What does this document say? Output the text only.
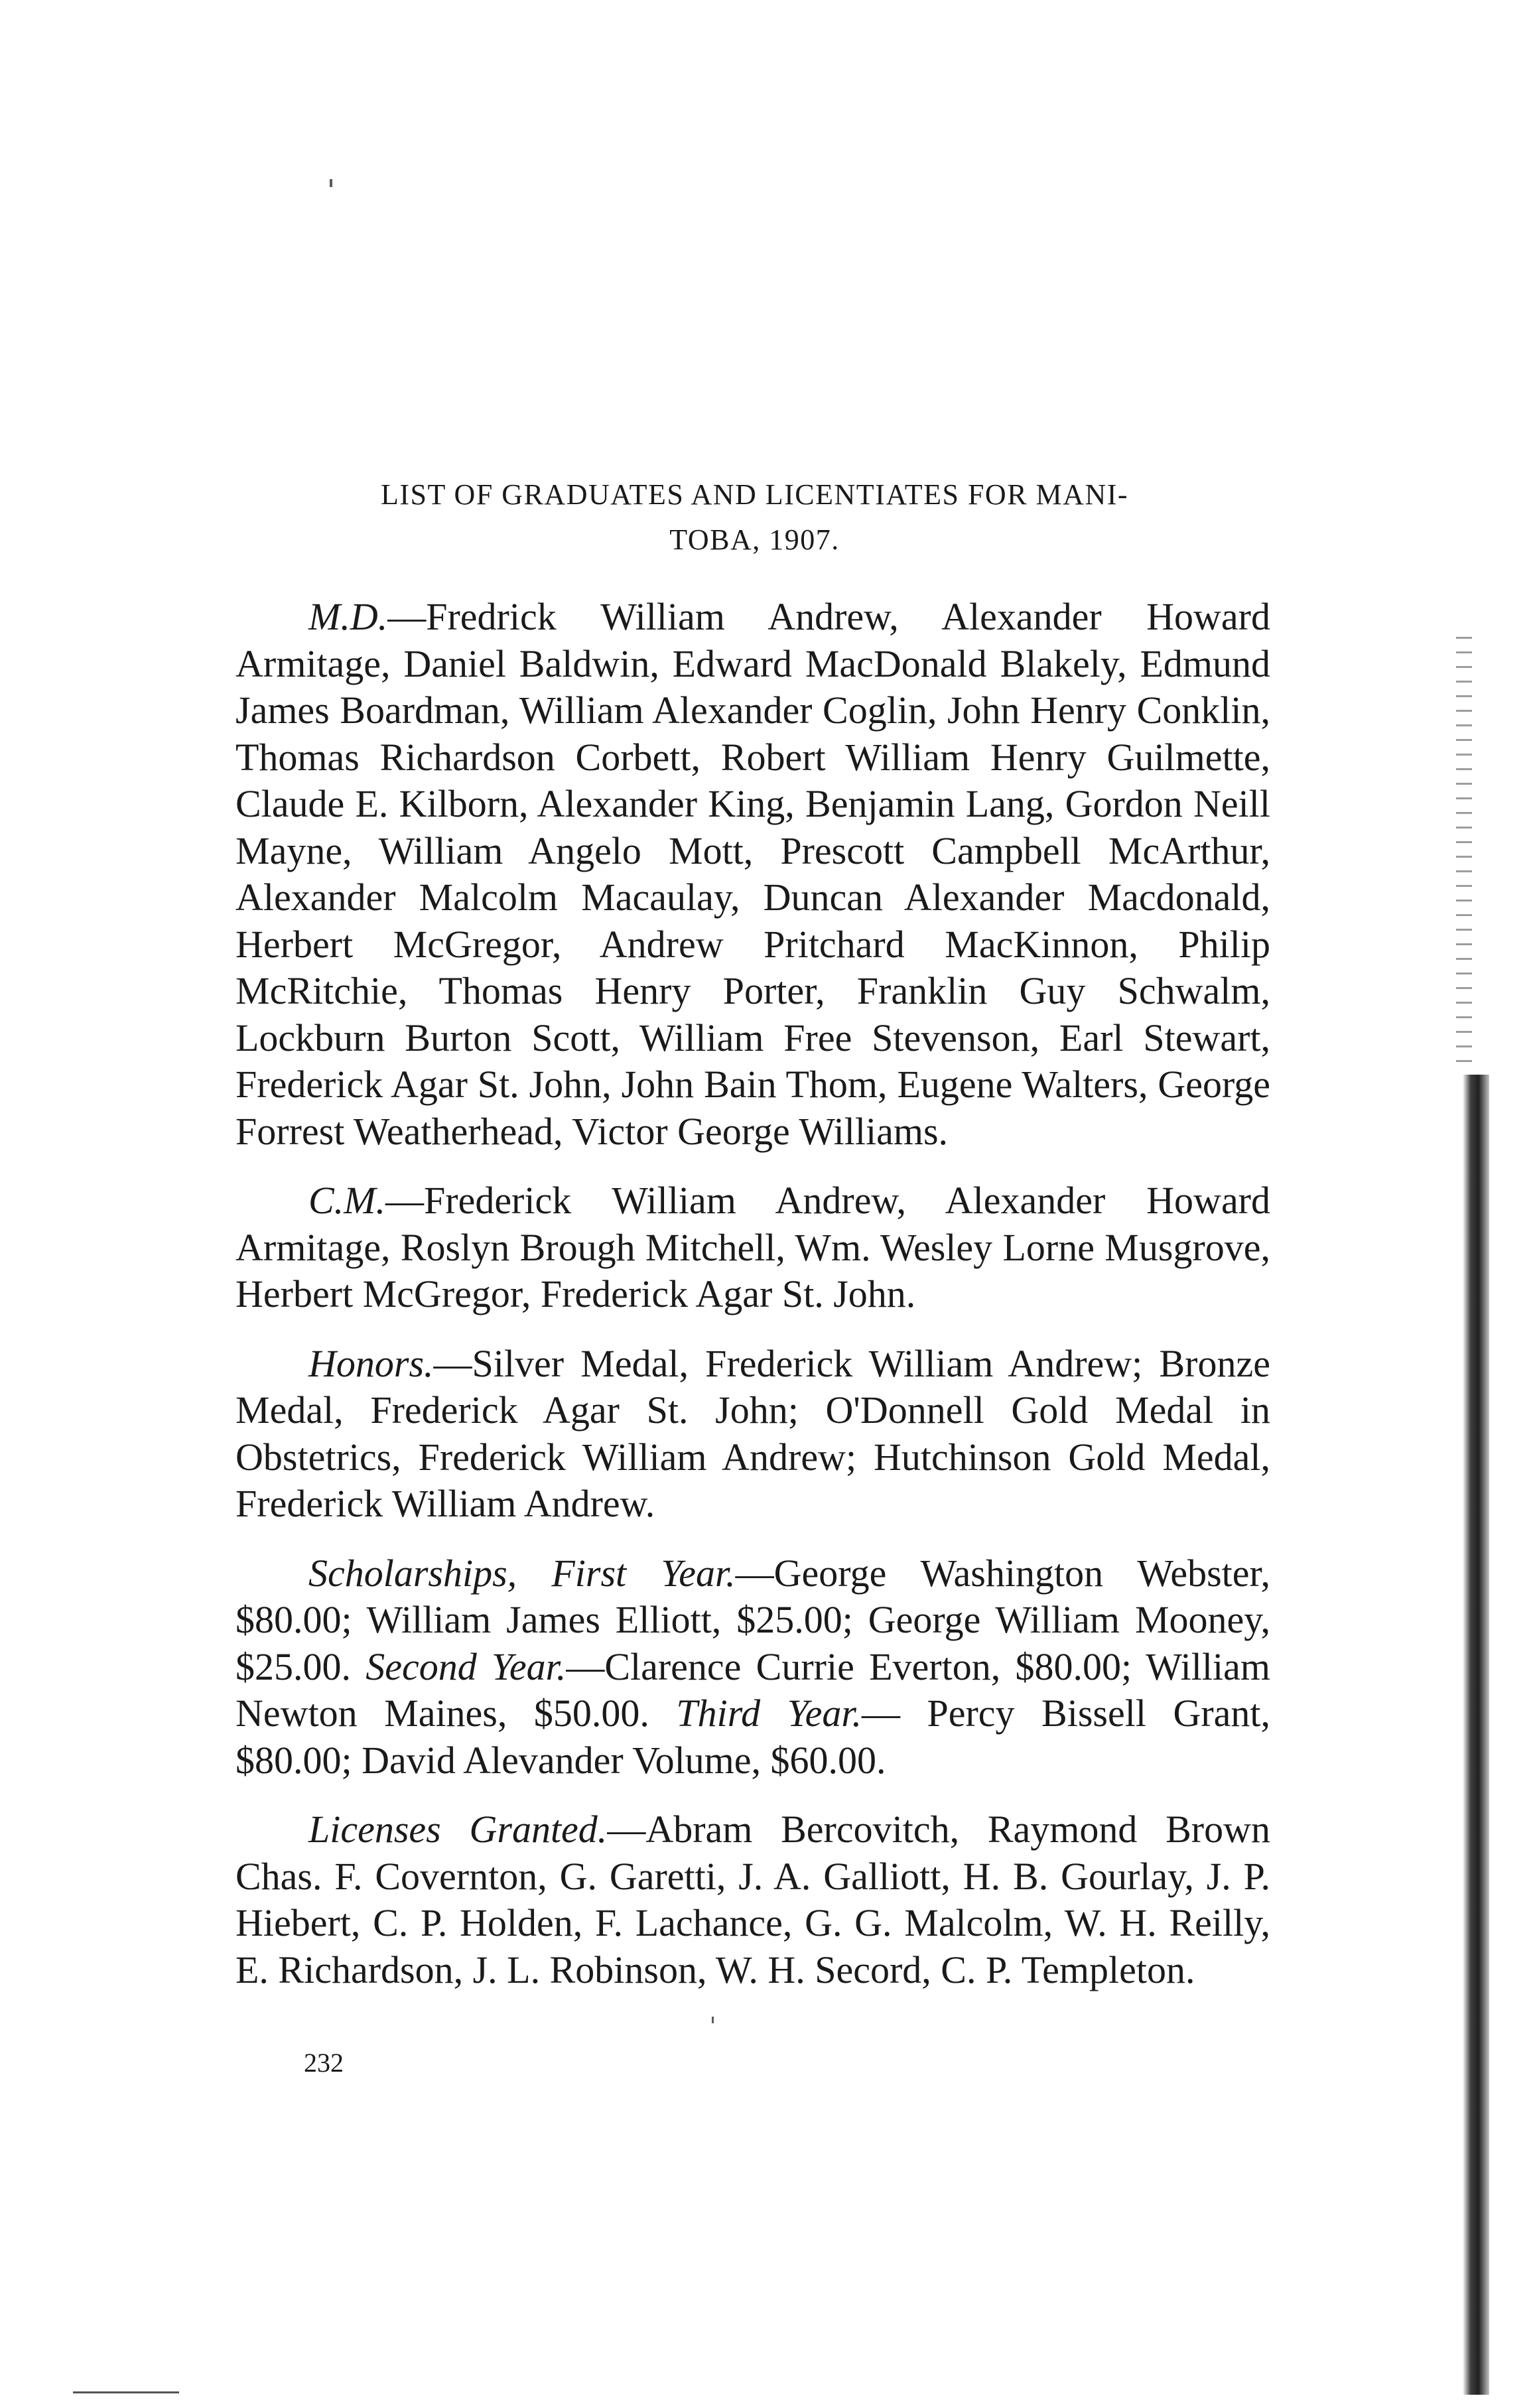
LIST OF GRADUATES AND LICENTIATES FOR MANI-
TOBA, 1907.

M.D.—Fredrick William Andrew, Alexander Howard Armitage, Daniel Baldwin, Edward MacDonald Blakely, Edmund James Boardman, William Alexander Coglin, John Henry Conklin, Thomas Richardson Corbett, Robert William Henry Guilmette, Claude E. Kilborn, Alexander King, Benjamin Lang, Gordon Neill Mayne, William Angelo Mott, Prescott Campbell McArthur, Alexander Malcolm Macaulay, Duncan Alexander Macdonald, Herbert McGregor, Andrew Pritchard MacKinnon, Philip McRitchie, Thomas Henry Porter, Franklin Guy Schwalm, Lockburn Burton Scott, William Free Stevenson, Earl Stewart, Frederick Agar St. John, John Bain Thom, Eugene Walters, George Forrest Weatherhead, Victor George Williams.

C.M.—Frederick William Andrew, Alexander Howard Armitage, Roslyn Brough Mitchell, Wm. Wesley Lorne Musgrove, Herbert McGregor, Frederick Agar St. John.

Honors.—Silver Medal, Frederick William Andrew; Bronze Medal, Frederick Agar St. John; O'Donnell Gold Medal in Obstetrics, Frederick William Andrew; Hutchinson Gold Medal, Frederick William Andrew.

Scholarships, First Year.—George Washington Webster, $80.00; William James Elliott, $25.00; George William Mooney, $25.00. Second Year.—Clarence Currie Everton, $80.00; William Newton Maines, $50.00. Third Year.— Percy Bissell Grant, $80.00; David Alevander Volume, $60.00.

Licenses Granted.—Abram Bercovitch, Raymond Brown Chas. F. Covernton, G. Garetti, J. A. Galliott, H. B. Gourlay, J. P. Hiebert, C. P. Holden, F. Lachance, G. G. Malcolm, W. H. Reilly, E. Richardson, J. L. Robinson, W. H. Secord, C. P. Templeton.

232
